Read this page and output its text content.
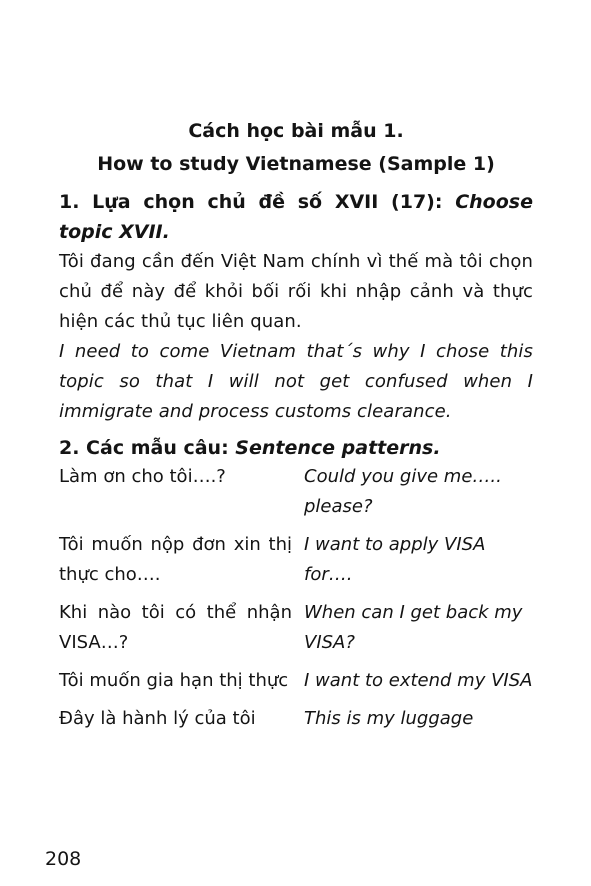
Cách học bài mẫu 1.

How to study Vietnamese (Sample 1)

1. Lựa chọn chủ đề số XVII (17): Choose topic XVII.

Tôi đang cần đến Việt Nam chính vì thế mà tôi chọn chủ để này để khỏi bối rối khi nhập cảnh và thực hiện các thủ tục liên quan.

I need to come Vietnam that´s why I chose this topic so that I will not get confused when I immigrate and process customs clearance.

2. Các mẫu câu: Sentence patterns.

Làm ơn cho tôi….?	Could you give me….. please?
Tôi muốn nộp đơn xin thị thực cho….	I want to apply VISA for….
Khi nào tôi có thể nhận VISA…?	When can I get back my VISA?
Tôi muốn gia hạn thị thực	I want to extend my VISA
Đây là hành lý của tôi	This is my luggage

208
